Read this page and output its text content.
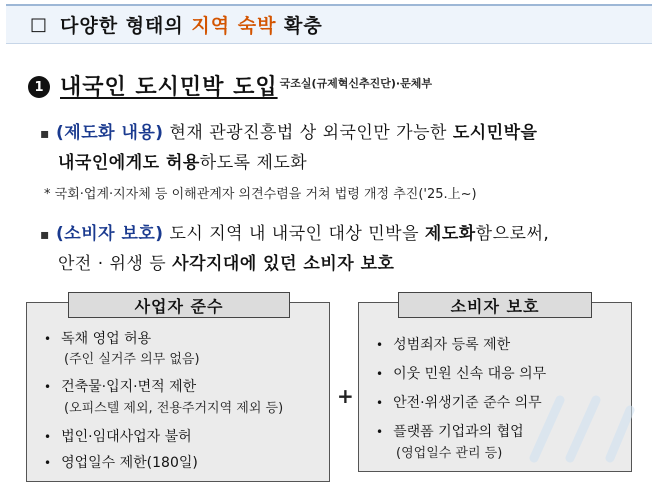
□ 다양한 형태의
지역 숙박
확충
1 내국인 도시민박 도입 국조실(규제혁신추진단)·문체부
▪ (제도화 내용) 현재 관광진흥법 상 외국인만 가능한 도시민박을
내국인에게도 허용하도록 제도화
* 국회·업계·지자체 등 이해관계자 의견수렴을 거쳐 법령 개정 추진('25.上~)
▪ (소비자 보호) 도시 지역 내 내국인 대상 민박을 제도화함으로써,
안전 · 위생 등 사각지대에 있던 소비자 보호
사업자 준수
• 독채 영업 허용
(주인 실거주 의무 없음)
• 건축물·입지·면적 제한
(오피스텔 제외, 전용주거지역 제외 등)
• 법인·임대사업자 불허
• 영업일수 제한(180일)
+
소비자 보호
• 성범죄자 등록 제한
• 이웃 민원 신속 대응 의무
• 안전·위생기준 준수 의무
• 플랫폼 기업과의 협업
(영업일수 관리 등)
